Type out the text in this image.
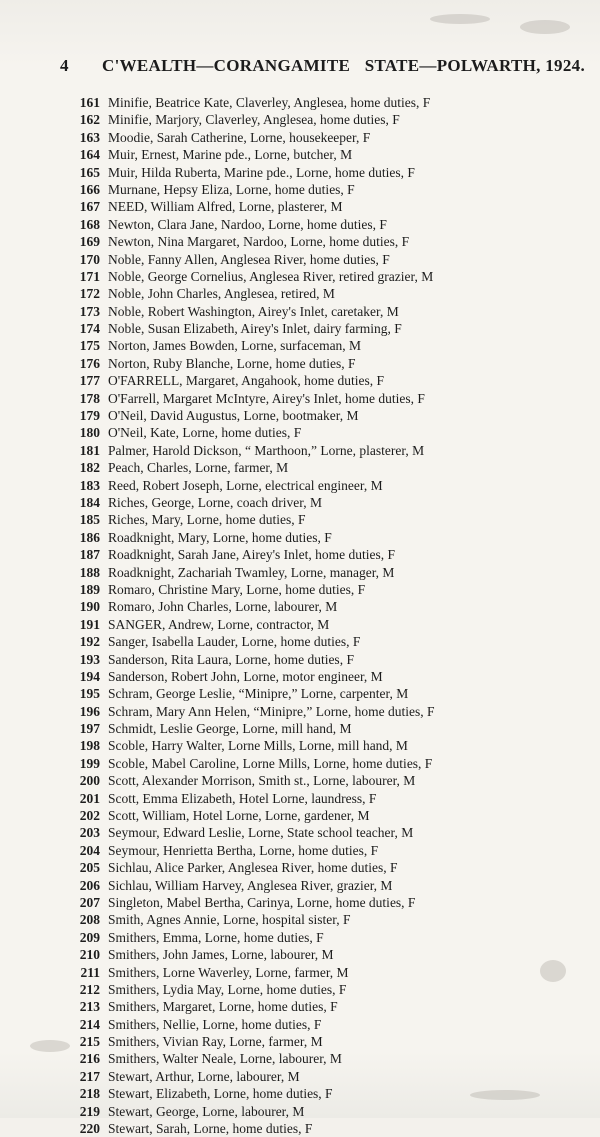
4 C'WEALTH—CORANGAMITE STATE—POLWARTH, 1924.
161 Minifie, Beatrice Kate, Claverley, Anglesea, home duties, F
162 Minifie, Marjory, Claverley, Anglesea, home duties, F
163 Moodie, Sarah Catherine, Lorne, housekeeper, F
164 Muir, Ernest, Marine pde., Lorne, butcher, M
165 Muir, Hilda Ruberta, Marine pde., Lorne, home duties, F
166 Murnane, Hepsy Eliza, Lorne, home duties, F
167 NEED, William Alfred, Lorne, plasterer, M
168 Newton, Clara Jane, Nardoo, Lorne, home duties, F
169 Newton, Nina Margaret, Nardoo, Lorne, home duties, F
170 Noble, Fanny Allen, Anglesea River, home duties, F
171 Noble, George Cornelius, Anglesea River, retired grazier, M
172 Noble, John Charles, Anglesea, retired, M
173 Noble, Robert Washington, Airey's Inlet, caretaker, M
174 Noble, Susan Elizabeth, Airey's Inlet, dairy farming, F
175 Norton, James Bowden, Lorne, surfaceman, M
176 Norton, Ruby Blanche, Lorne, home duties, F
177 O'FARRELL, Margaret, Angahook, home duties, F
178 O'Farrell, Margaret McIntyre, Airey's Inlet, home duties, F
179 O'Neil, David Augustus, Lorne, bootmaker, M
180 O'Neil, Kate, Lorne, home duties, F
181 Palmer, Harold Dickson, “ Marthoon,” Lorne, plasterer, M
182 Peach, Charles, Lorne, farmer, M
183 Reed, Robert Joseph, Lorne, electrical engineer, M
184 Riches, George, Lorne, coach driver, M
185 Riches, Mary, Lorne, home duties, F
186 Roadknight, Mary, Lorne, home duties, F
187 Roadknight, Sarah Jane, Airey's Inlet, home duties, F
188 Roadknight, Zachariah Twamley, Lorne, manager, M
189 Romaro, Christine Mary, Lorne, home duties, F
190 Romaro, John Charles, Lorne, labourer, M
191 SANGER, Andrew, Lorne, contractor, M
192 Sanger, Isabella Lauder, Lorne, home duties, F
193 Sanderson, Rita Laura, Lorne, home duties, F
194 Sanderson, Robert John, Lorne, motor engineer, M
195 Schram, George Leslie, “Minipre,” Lorne, carpenter, M
196 Schram, Mary Ann Helen, “Minipre,” Lorne, home duties, F
197 Schmidt, Leslie George, Lorne, mill hand, M
198 Scoble, Harry Walter, Lorne Mills, Lorne, mill hand, M
199 Scoble, Mabel Caroline, Lorne Mills, Lorne, home duties, F
200 Scott, Alexander Morrison, Smith st., Lorne, labourer, M
201 Scott, Emma Elizabeth, Hotel Lorne, laundress, F
202 Scott, William, Hotel Lorne, Lorne, gardener, M
203 Seymour, Edward Leslie, Lorne, State school teacher, M
204 Seymour, Henrietta Bertha, Lorne, home duties, F
205 Sichlau, Alice Parker, Anglesea River, home duties, F
206 Sichlau, William Harvey, Anglesea River, grazier, M
207 Singleton, Mabel Bertha, Carinya, Lorne, home duties, F
208 Smith, Agnes Annie, Lorne, hospital sister, F
209 Smithers, Emma, Lorne, home duties, F
210 Smithers, John James, Lorne, labourer, M
211 Smithers, Lorne Waverley, Lorne, farmer, M
212 Smithers, Lydia May, Lorne, home duties, F
213 Smithers, Margaret, Lorne, home duties, F
214 Smithers, Nellie, Lorne, home duties, F
215 Smithers, Vivian Ray, Lorne, farmer, M
216 Smithers, Walter Neale, Lorne, labourer, M
217 Stewart, Arthur, Lorne, labourer, M
218 Stewart, Elizabeth, Lorne, home duties, F
219 Stewart, George, Lorne, labourer, M
220 Stewart, Sarah, Lorne, home duties, F
